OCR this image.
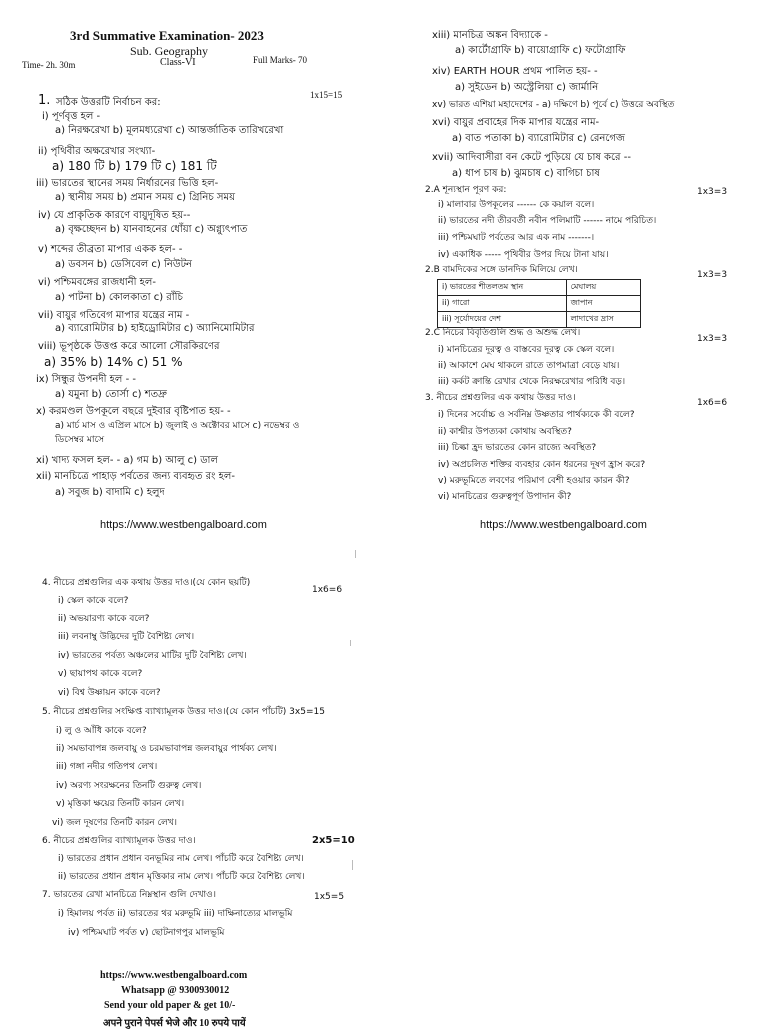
3rd Summative Examination- 2023
Sub. Geography
Time- 2h. 30m	Class-VI	Full Marks- 70
1. সঠিক উত্তরটি নির্বাচন কর:
1x15=15
i) পূর্ণবৃত্ত হল -
a) নিরক্ষরেখা b) মূলমধ্যরেখা c) আন্তর্জাতিক তারিখরেখা
ii) পৃথিবীর অক্ষরেখার সংখ্যা-
a) 180 টি b) 179 টি c) 181 টি
iii) ভারতের স্থানের সময় নির্ধারনের ভিত্তি হল-
a) স্থানীয় সময় b) প্রমান সময় c) গ্রিনিচ সময়
iv) যে প্রাকৃতিক কারণে বায়ুদূষিত হয়--
a) বৃক্ষচ্ছেদন b) যানবাহনের ধোঁয়া c) অগ্ন্যুৎপাত
v) শব্দের তীব্রতা মাপার একক হল- -
a) ডবসন b) ডেসিবেল c) নিউটন
vi) পশ্চিমবঙ্গের রাজধানী হল-
a) পাটনা b) কোলকাতা c) রাঁচি
vii) বায়ুর গতিবেগ মাপার যন্ত্রের নাম -
a) ব্যারোমিটার b) হাইড্রোমিটার c) অ্যানিমোমিটার
viii) ভূপৃষ্ঠকে উত্তপ্ত করে আলো সৌরকিরণের
a) 35% b) 14% c) 51 %
ix) সিন্ধুর উপনদী হল - -
a) যমুনা b) তোর্সা c) শতদ্রু
x) করমণ্ডল উপকূলে বছরে দুইবার বৃষ্টিপাত হয়- -
a) মার্চ মাস ও এপ্রিল মাসে b) জুলাই ও অক্টোবর মাসে c) নভেম্বর ও
ডিসেম্বর মাসে
xi) খাদ্য ফসল হল- - a) গম b) আলু c) ডাল
xii) মানচিত্রে পাহাড় পর্বতের জন্য ব্যবহৃত রং হল-
a) সবুজ b) বাদামি c) হলুদ
https://www.westbengalboard.com
xiii) মানচিত্র অঙ্কন বিদ্যাকে -
a) কার্টোগ্রাফি b) বায়োগ্রাফি c) ফটোগ্রাফি
xiv) EARTH HOUR প্রথম পালিত হয়- -
a) সুইডেন b) অস্ট্রেলিয়া c) জার্মানি
xv) ভারত এশিয়া মহাদেশের - a) দক্ষিণে b) পূর্বে c) উত্তরে অবস্থিত
xvi) বায়ুর প্রবাহের দিক মাপার যন্ত্রের নাম-
a) বাত পতাকা b) ব্যারোমিটার c) রেনগেজ
xvii) আদিবাসীরা বন কেটে পুড়িয়ে যে চাষ করে --
a) ধাপ চাষ b) ঝুমচাষ c) বাগিচা চাষ
2.A শূন্যস্থান পূরণ কর:	1x3=3
i) মালাবার উপকূলের ------ কে কয়াল বলে।
ii) ভারতের নদী তীরবর্তী নবীন পলিমাটি ------ নামে পরিচিত।
iii) পশ্চিমঘাট পর্বতের আর এক নাম -------।
iv) একাধিক ----- পৃথিবীর উপর দিয়ে টানা যায়।
2.B বামদিকের সঙ্গে ডানদিক মিলিয়ে লেখ।	1x3=3
i) ভারতের শীতলতম স্থান	মেঘালয়
ii) গারো	জাপান
iii) সূর্যোদয়ের দেশ	লাদাখের দ্রাস
2.C নিচের বিবৃতিগুলি শুদ্ধ ও অশুদ্ধ লেখ।
1x3=3
i) মানচিত্রের দূরত্ব ও বাস্তবের দূরত্ব কে স্কেল বলে।
ii) আকাশে মেঘ থাকলে রাতে তাপমাত্রা বেড়ে যায়।
iii) কর্কট ক্রান্তি রেখার থেকে নিরক্ষরেখার পরিধি বড়।
3. নীচের প্রশ্নগুলির এক কথায় উত্তর দাও।	1x6=6
i) দিনের সর্বোচ্চ ও সর্বনিম্ন উষ্ণতার পার্থক্যকে কী বলে?
ii) কাশ্মীর উপত্যকা কোথায় অবস্থিত?
iii) চিল্কা হ্রদ ভারতের কোন রাজ্যে অবস্থিত?
iv) অপ্রচলিত শক্তির ব্যবহার কোন ধরনের দূষণ হ্রাস করে?
v) মরুভূমিতে লবণের পরিমাণ বেশী হওয়ার কারন কী?
vi) মানচিত্রের গুরুত্বপূর্ণ উপাদান কী?
https://www.westbengalboard.com
4. নীচের প্রশ্নগুলির এক কথায় উত্তর দাও।(যে কোন ছয়টি)
1x6=6
i) স্কেল কাকে বলে?
ii) অভয়ারণ্য কাকে বলে?
iii) লবনাম্বু উদ্ভিদের দুটি বৈশিষ্ট্য লেখ।
iv) ভারতের পর্বত্য অঞ্চলের মাটির দুটি বৈশিষ্ট্য লেখ।
v) ছায়াপথ কাকে বলে?
vi) বিশ্ব উষ্ণায়ন কাকে বলে?
5. নীচের প্রশ্নগুলির সংক্ষিপ্ত ব্যাখ্যামূলক উত্তর দাও।(যে কোন পাঁচটি) 3x5=15
i) লু ও আঁধি কাকে বলে?
ii) সমভাবাপন্ন জলবায়ু ও চরমভাবাপন্ন জলবায়ুর পার্থক্য লেখ।
iii) গঙ্গা নদীর গতিপথ লেখ।
iv) অরণ্য সংরক্ষনের তিনটি গুরুত্ব লেখ।
v) মৃত্তিকা ক্ষয়ের তিনটি কারন লেখ।
vi) জল দূষণের তিনটি কারন লেখ।
6. নীচের প্রশ্নগুলির ব্যাখ্যামূলক উত্তর দাও।	2x5=10
i) ভারতের প্রধান প্রধান বনভূমির নাম লেখ। পাঁচটি করে বৈশিষ্ট্য লেখ।
ii) ভারতের প্রধান প্রধান মৃত্তিকার নাম লেখ। পাঁচটি করে বৈশিষ্ট্য লেখ।
7. ভারতের রেখা মানচিত্রে নিম্নস্থান গুলি দেখাও।	1x5=5
i) হিমালয় পর্বত ii) ভারতের থর মরুভূমি iii) দাক্ষিনাত্যের মালভূমি
iv) পশ্চিমঘাট পর্বত v) ছোটনাগপুর মালভূমি
https://www.westbengalboard.com
Whatsapp @ 9300930012
Send your old paper & get 10/-
अपने पुराने पेपर्स भेजे और 10 रुपये पायें
